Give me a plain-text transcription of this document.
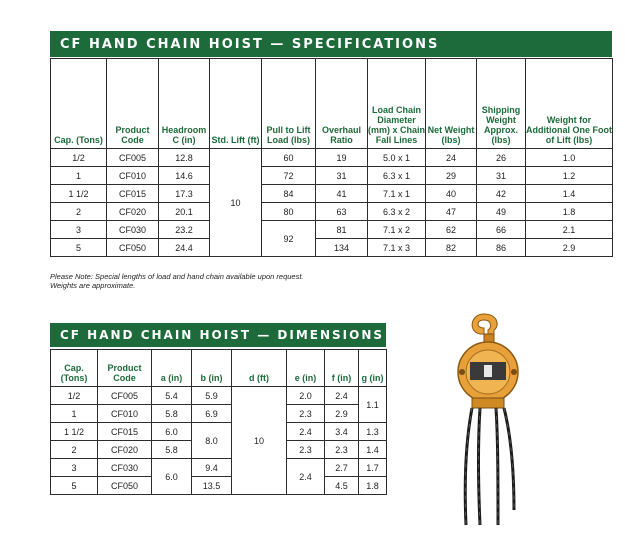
CF HAND CHAIN HOIST — SPECIFICATIONS
Cap. (Tons)	Product Code	Headroom C (in)	Std. Lift (ft)	Pull to Lift Load (lbs)	Overhaul Ratio	Load Chain Diameter (mm) x Chain Fall Lines	Net Weight (lbs)	Shipping Weight Approx. (lbs)	Weight for Additional One Foot of Lift (lbs)
1/2	CF005	12.8	10	60	19	5.0 x 1	24	26	1.0
1	CF010	14.6		72	31	6.3 x 1	29	31	1.2
1 1/2	CF015	17.3		84	41	7.1 x 1	40	42	1.4
2	CF020	20.1		80	63	6.3 x 2	47	49	1.8
3	CF030	23.2		92	81	7.1 x 2	62	66	2.1
5	CF050	24.4			134	7.1 x 3	82	86	2.9
Please Note: Special lengths of load and hand chain available upon request.
Weights are approximate.
CF HAND CHAIN HOIST — DIMENSIONS
Cap. (Tons)	Product Code	a (in)	b (in)	d (ft)	e (in)	f (in)	g (in)
1/2	CF005	5.4	5.9	10	2.0	2.4	1.1
1	CF010	5.8	6.9		2.3	2.9	
1 1/2	CF015	6.0	8.0		2.4	3.4	1.3
2	CF020	5.8			2.3	2.3	1.4
3	CF030	6.0	9.4		2.4	2.7	1.7
5	CF050		13.5			4.5	1.8
